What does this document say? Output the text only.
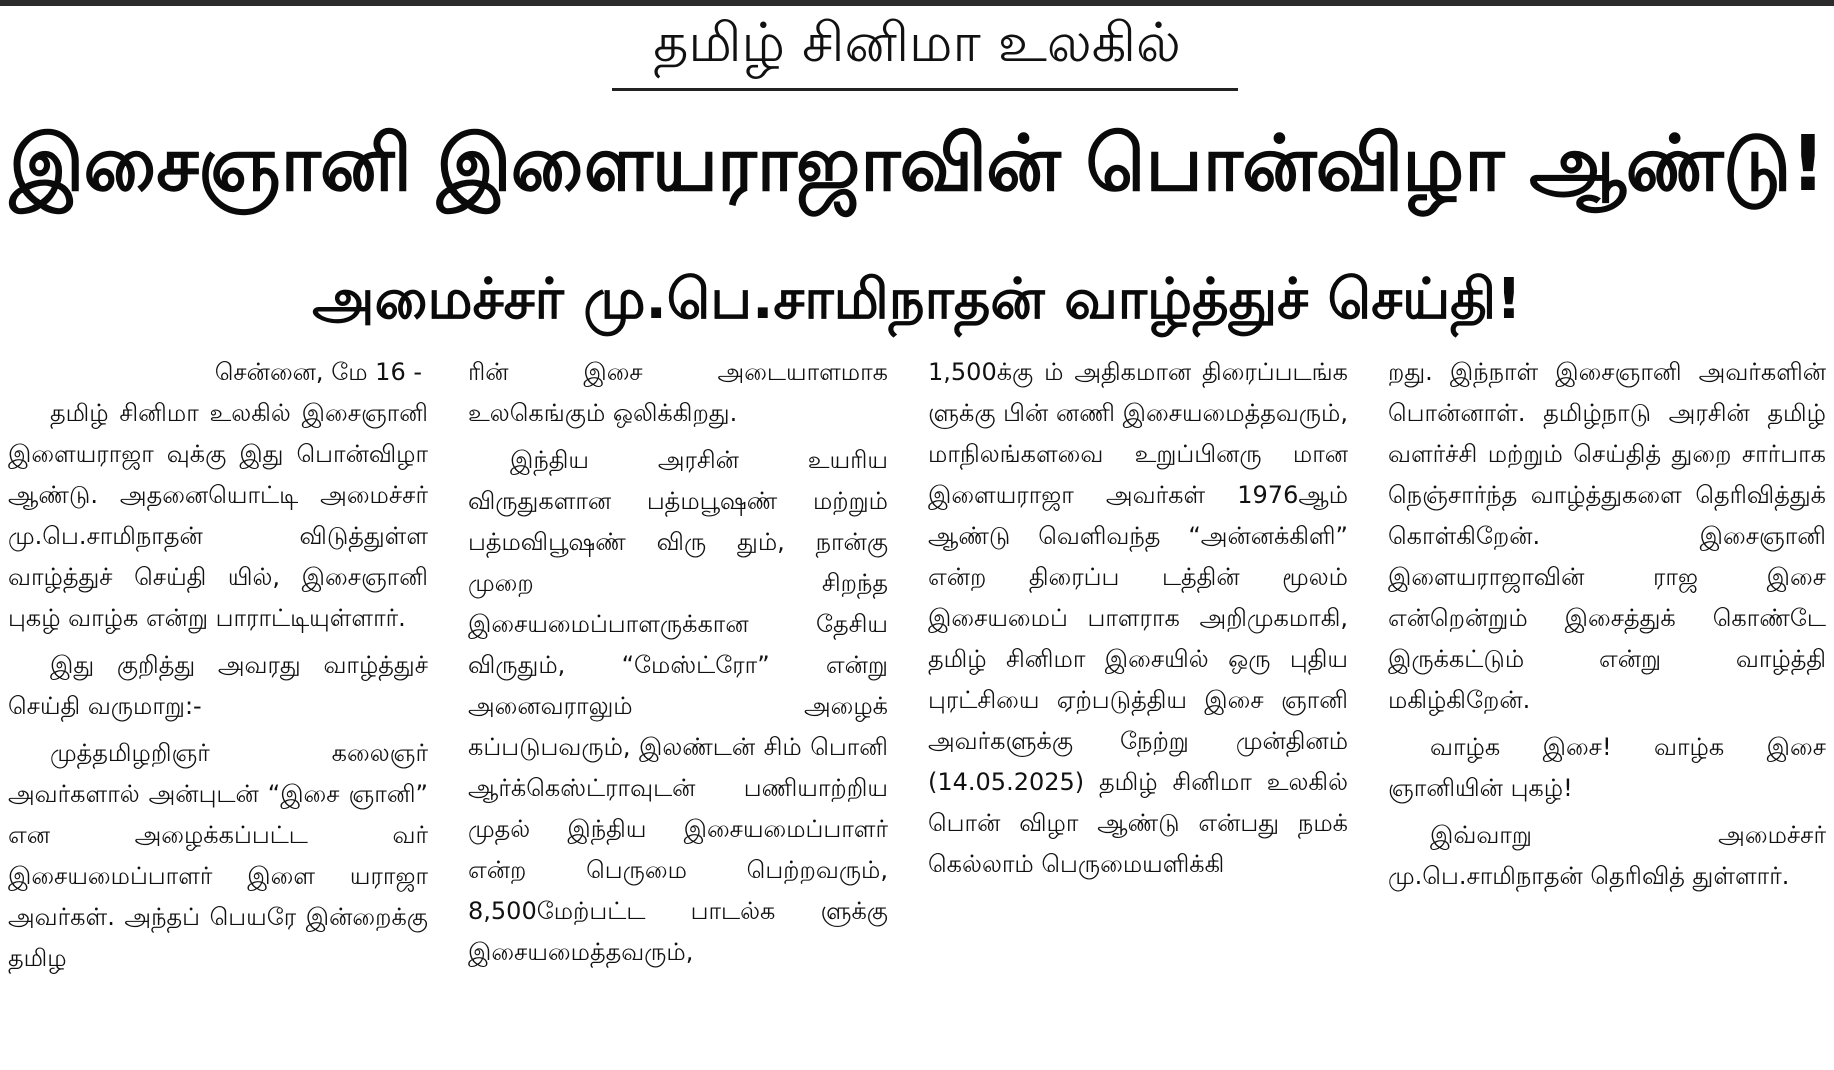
தமிழ் சினிமா உலகில்
இசைஞானி இளையராஜாவின் பொன்விழா ஆண்டு!
அமைச்சர் மு.பெ.சாமிநாதன் வாழ்த்துச் செய்தி!

சென்னை, மே 16 -

தமிழ் சினிமா உலகில் இசைஞானி இளையராஜா வுக்கு இது பொன்விழா ஆண்டு. அதனையொட்டி அமைச்சர் மு.பெ.சாமிநாதன் விடுத்துள்ள வாழ்த்துச் செய்தி யில், இசைஞானி புகழ் வாழ்க என்று பாராட்டியுள்ளார்.

இது குறித்து அவரது வாழ்த்துச் செய்தி வருமாறு:-

முத்தமிழறிஞர் கலைஞர் அவர்களால் அன்புடன் “இசை ஞானி” என அழைக்கப்பட்ட வர் இசையமைப்பாளர் இளை யராஜா அவர்கள். அந்தப் பெயரே இன்றைக்கு தமிழ

ரின் இசை அடையாளமாக உலகெங்கும் ஒலிக்கிறது.

இந்திய அரசின் உயரிய விருதுகளான பத்மபூஷண் மற்றும் பத்மவிபூஷண் விரு தும், நான்கு முறை சிறந்த இசையமைப்பாளருக்கான தேசிய விருதும், “மேஸ்ட்ரோ” என்று அனைவராலும் அழைக் கப்படுபவரும், இலண்டன் சிம் பொனி ஆர்க்கெஸ்ட்ராவுடன் பணியாற்றிய முதல் இந்திய இசையமைப்பாளர் என்ற பெருமை பெற்றவரும், 8,500மேற்பட்ட பாடல்க ளுக்கு இசையமைத்தவரும்,

1,500க்கு ம் அதிகமான திரைப்படங்க ளுக்கு பின் னணி இசையமைத்தவரும், மாநிலங்களவை உறுப்பினரு மான இளையராஜா அவர்கள் 1976ஆம் ஆண்டு வெளிவந்த “அன்னக்கிளி” என்ற திரைப்ப டத்தின் மூலம் இசையமைப் பாளராக அறிமுகமாகி, தமிழ் சினிமா இசையில் ஒரு புதிய புரட்சியை ஏற்படுத்திய இசை ஞானி அவர்களுக்கு நேற்று முன்தினம் (14.05.2025) தமிழ் சினிமா உலகில் பொன் விழா ஆண்டு என்பது நமக் கெல்லாம் பெருமையளிக்கி

றது. இந்நாள் இசைஞானி அவர்களின் பொன்னாள். தமிழ்நாடு அரசின் தமிழ் வளர்ச்சி மற்றும் செய்தித் துறை சார்பாக நெஞ்சார்ந்த வாழ்த்துகளை தெரிவித்துக் கொள்கிறேன். இசைஞானி இளையராஜாவின் ராஜ இசை என்றென்றும் இசைத்துக் கொண்டே இருக்கட்டும் என்று வாழ்த்தி மகிழ்கிறேன்.

வாழ்க இசை! வாழ்க இசை ஞானியின் புகழ்!

இவ்வாறு அமைச்சர் மு.பெ.சாமிநாதன் தெரிவித் துள்ளார்.
